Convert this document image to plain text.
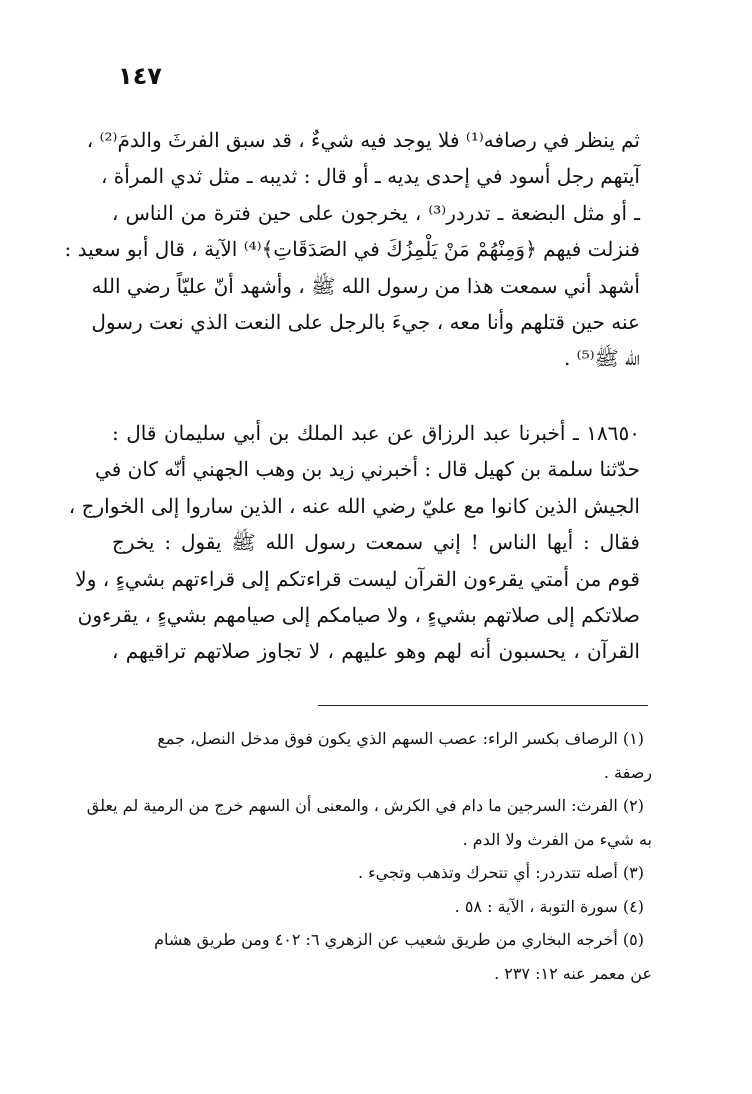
١٤٧
ثم ينظر في رصافه⁽¹⁾ فلا يوجد فيه شيءٌ ، قد سبق الفرثَ والدمَ⁽²⁾ ،
آيتهم رجل أسود في إحدى يديه ـ أو قال : ثديبه ـ مثل ثدي المرأة ،
ـ أو مثل البضعة ـ تدردر⁽³⁾ ، يخرجون على حين فترة من الناس ،
فنزلت فيهم ﴿وَمِنْهُمْ مَنْ يَلْمِزُكَ في الصَدَقَاتِ﴾⁽⁴⁾ الآية ، قال أبو سعيد :
أشهد أني سمعت هذا من رسول الله ﷺ ، وأشهد أنّ عليّاً رضي الله
عنه حين قتلهم وأنا معه ، جيءَ بالرجل على النعت الذي نعت رسول
الله ﷺ⁽⁵⁾ .
١٨٦٥٠ ـ أخبرنا عبد الرزاق عن عبد الملك بن أبي سليمان قال :
حدّثنا سلمة بن كهيل قال : أخبرني زيد بن وهب الجهني أنّه كان في
الجيش الذين كانوا مع عليّ رضي الله عنه ، الذين ساروا إلى الخوارج ،
فقال : أيها الناس ! إني سمعت رسول الله ﷺ يقول : يخرج
قوم من أمتي يقرءون القرآن ليست قراءتكم إلى قراءتهم بشيءٍ ، ولا
صلاتكم إلى صلاتهم بشيءٍ ، ولا صيامكم إلى صيامهم بشيءٍ ، يقرءون
القرآن ، يحسبون أنه لهم وهو عليهم ، لا تجاوز صلاتهم تراقيهم ،
(١) الرصاف بكسر الراء: عصب السهم الذي يكون فوق مدخل النصل، جمع
رصفة .
(٢) الفرث: السرجين ما دام في الكرش ، والمعنى أن السهم خرج من الرمية لم يعلق
به شيء من الفرث ولا الدم .
(٣) أصله تتدردر: أي تتحرك وتذهب وتجيء .
(٤) سورة التوبة ، الآية : ٥٨ .
(٥) أخرجه البخاري من طريق شعيب عن الزهري ٦: ٤٠٢ ومن طريق هشام
عن معمر عنه ١٢: ٢٣٧ .
